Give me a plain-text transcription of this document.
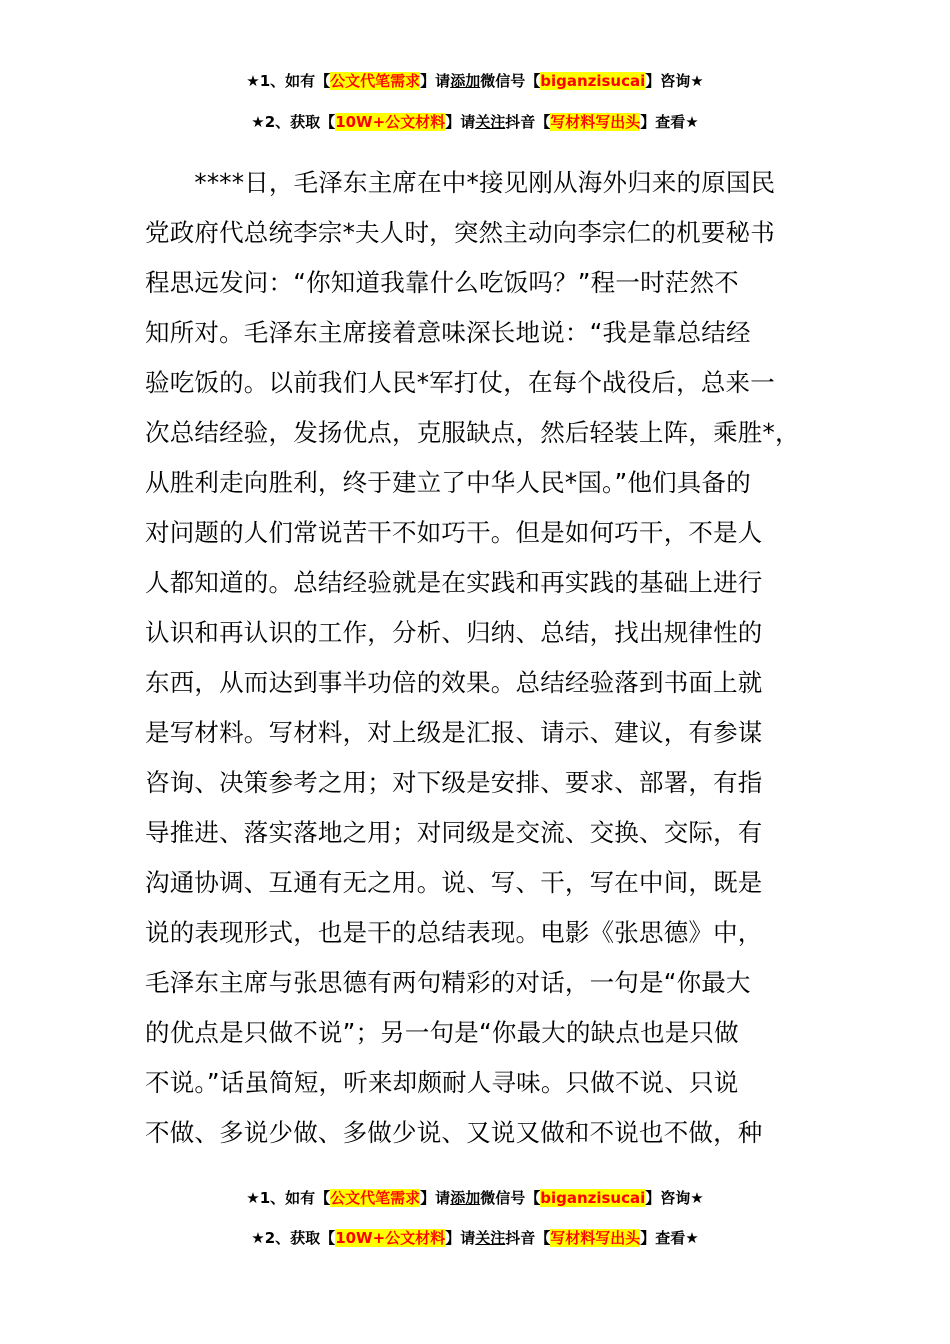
★1、如有【公文代笔需求】请添加微信号【biganzisucai】咨询★
★2、获取【10W+公文材料】请关注抖音【写材料写出头】查看★
　　****日，毛泽东主席在中*接见刚从海外归来的原国民
党政府代总统李宗*夫人时，突然主动向李宗仁的机要秘书
程思远发问：“你知道我靠什么吃饭吗？”程一时茫然不
知所对。毛泽东主席接着意味深长地说：“我是靠总结经
验吃饭的。以前我们人民*军打仗，在每个战役后，总来一
次总结经验，发扬优点，克服缺点，然后轻装上阵，乘胜*，
从胜利走向胜利，终于建立了中华人民*国。”他们具备的
对问题的人们常说苦干不如巧干。但是如何巧干，不是人
人都知道的。总结经验就是在实践和再实践的基础上进行
认识和再认识的工作，分析、归纳、总结，找出规律性的
东西，从而达到事半功倍的效果。总结经验落到书面上就
是写材料。写材料，对上级是汇报、请示、建议，有参谋
咨询、决策参考之用；对下级是安排、要求、部署，有指
导推进、落实落地之用；对同级是交流、交换、交际，有
沟通协调、互通有无之用。说、写、干，写在中间，既是
说的表现形式，也是干的总结表现。电影《张思德》中，
毛泽东主席与张思德有两句精彩的对话，一句是“你最大
的优点是只做不说”；另一句是“你最大的缺点也是只做
不说。”话虽简短，听来却颇耐人寻味。只做不说、只说
不做、多说少做、多做少说、又说又做和不说也不做，种
★1、如有【公文代笔需求】请添加微信号【biganzisucai】咨询★
★2、获取【10W+公文材料】请关注抖音【写材料写出头】查看★
